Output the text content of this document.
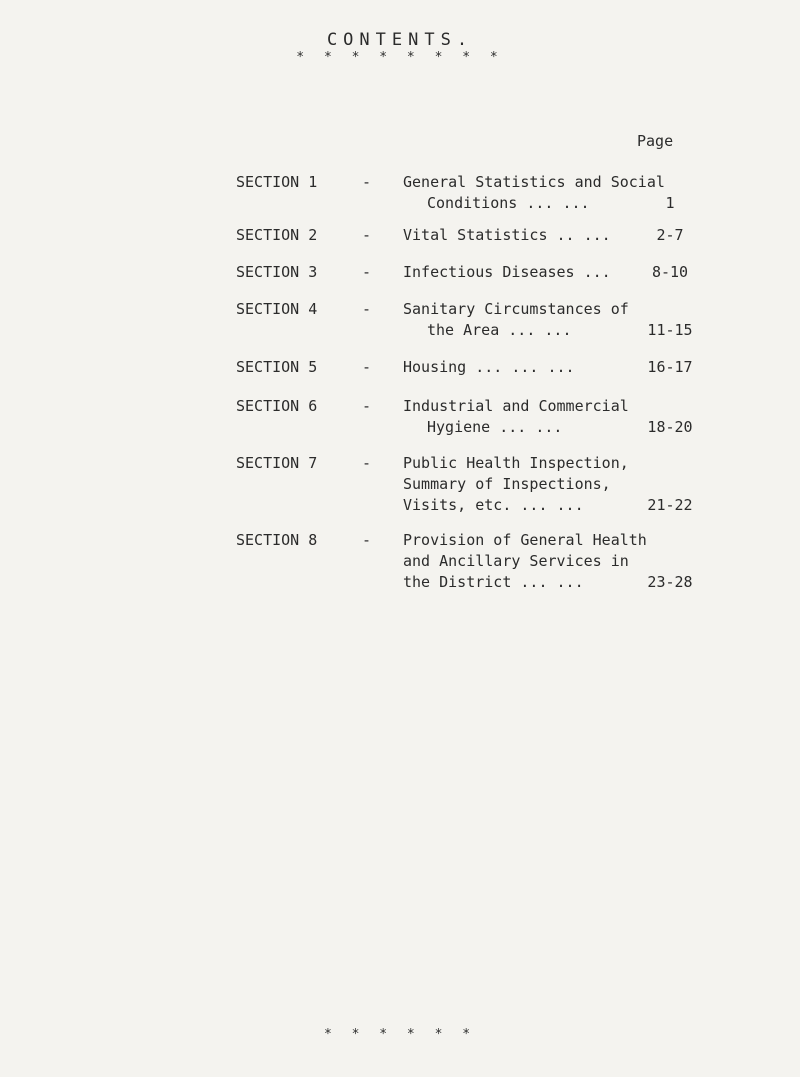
CONTENTS.
* * * * * * * *
Page
SECTION 1	- General Statistics and Social
Conditions ... ...	1
SECTION 2	- Vital Statistics .. ...	2-7
SECTION 3	- Infectious Diseases ...	8-10
SECTION 4	- Sanitary Circumstances of
the Area ... ...	11-15
SECTION 5	- Housing ... ... ...	16-17
SECTION 6	- Industrial and Commercial
Hygiene ... ...	18-20
SECTION 7	- Public Health Inspection,
Summary of Inspections,
Visits, etc. ... ...	21-22
SECTION 8	- Provision of General Health
and Ancillary Services in
the District ... ...	23-28
* * * * * *
